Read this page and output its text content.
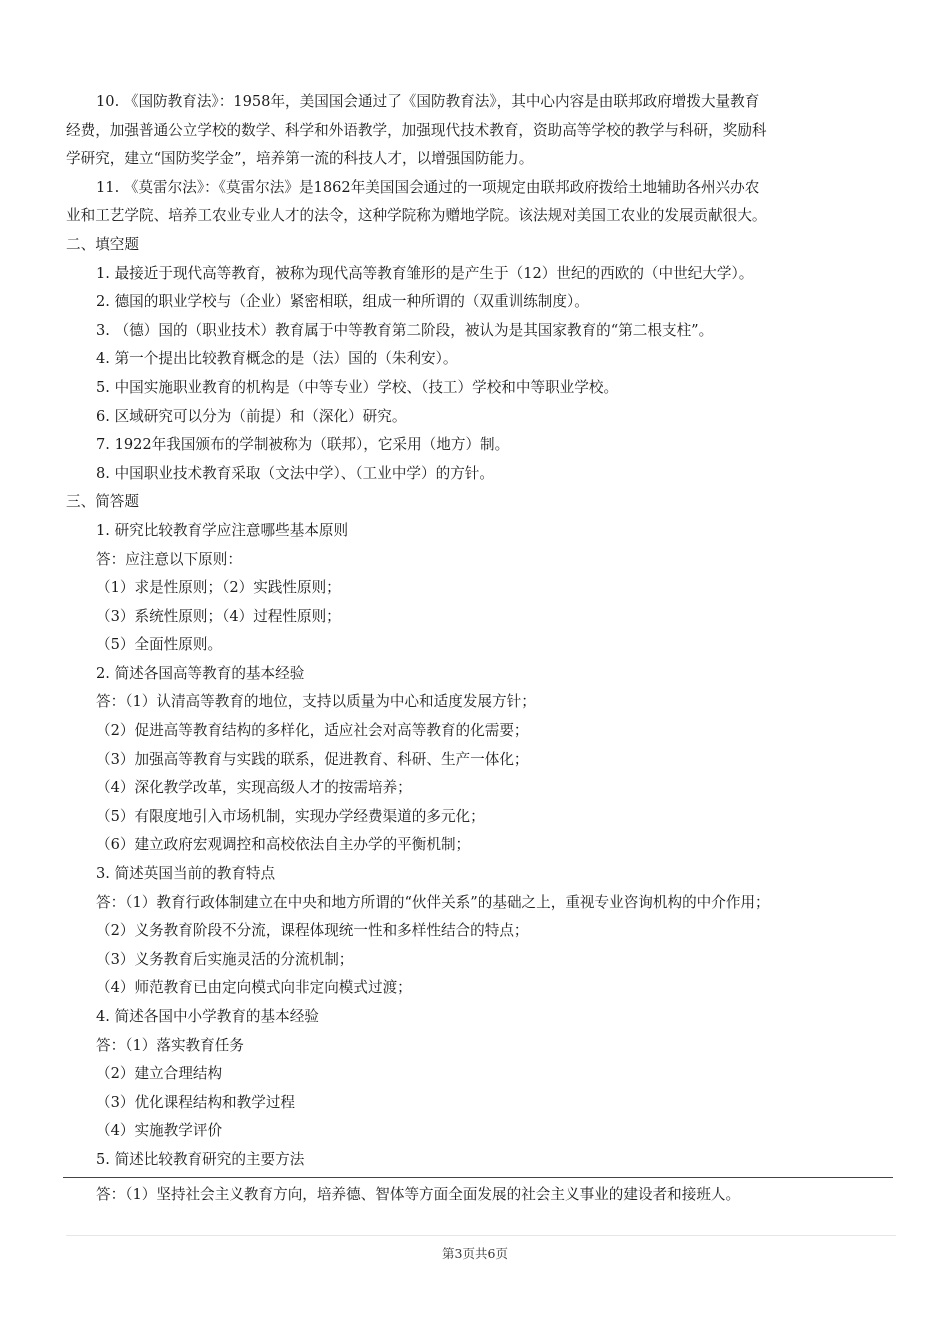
10. 《国防教育法》：1958年，美国国会通过了《国防教育法》，其中心内容是由联邦政府增拨大量教育
经费，加强普通公立学校的数学、科学和外语教学，加强现代技术教育，资助高等学校的教学与科研，奖励科
学研究，建立“国防奖学金”，培养第一流的科技人才，以增强国防能力。
11. 《莫雷尔法》：《莫雷尔法》是1862年美国国会通过的一项规定由联邦政府拨给土地辅助各州兴办农
业和工艺学院、培养工农业专业人才的法令，这种学院称为赠地学院。该法规对美国工农业的发展贡献很大。
二、填空题
1. 最接近于现代高等教育，被称为现代高等教育雏形的是产生于（12）世纪的西欧的（中世纪大学）。
2. 德国的职业学校与（企业）紧密相联，组成一种所谓的（双重训练制度）。
3. （德）国的（职业技术）教育属于中等教育第二阶段，被认为是其国家教育的“第二根支柱”。
4. 第一个提出比较教育概念的是（法）国的（朱利安）。
5. 中国实施职业教育的机构是（中等专业）学校、（技工）学校和中等职业学校。
6. 区域研究可以分为（前提）和（深化）研究。
7. 1922年我国颁布的学制被称为（联邦），它采用（地方）制。
8. 中国职业技术教育采取（文法中学）、（工业中学）的方针。
三、简答题
1. 研究比较教育学应注意哪些基本原则
答：应注意以下原则：
（1）求是性原则；（2）实践性原则；
（3）系统性原则；（4）过程性原则；
（5）全面性原则。
2. 简述各国高等教育的基本经验
答：（1）认清高等教育的地位，支持以质量为中心和适度发展方针；
（2）促进高等教育结构的多样化，适应社会对高等教育的化需要；
（3）加强高等教育与实践的联系，促进教育、科研、生产一体化；
（4）深化教学改革，实现高级人才的按需培养；
（5）有限度地引入市场机制，实现办学经费渠道的多元化；
（6）建立政府宏观调控和高校依法自主办学的平衡机制；
3. 简述英国当前的教育特点
答：（1）教育行政体制建立在中央和地方所谓的“伙伴关系”的基础之上，重视专业咨询机构的中介作用；
（2）义务教育阶段不分流，课程体现统一性和多样性结合的特点；
（3）义务教育后实施灵活的分流机制；
（4）师范教育已由定向模式向非定向模式过渡；
4. 简述各国中小学教育的基本经验
答：（1）落实教育任务
（2）建立合理结构
（3）优化课程结构和教学过程
（4）实施教学评价
5. 简述比较教育研究的主要方法
答：（1）坚持社会主义教育方向，培养德、智体等方面全面发展的社会主义事业的建设者和接班人。
第3页共6页
